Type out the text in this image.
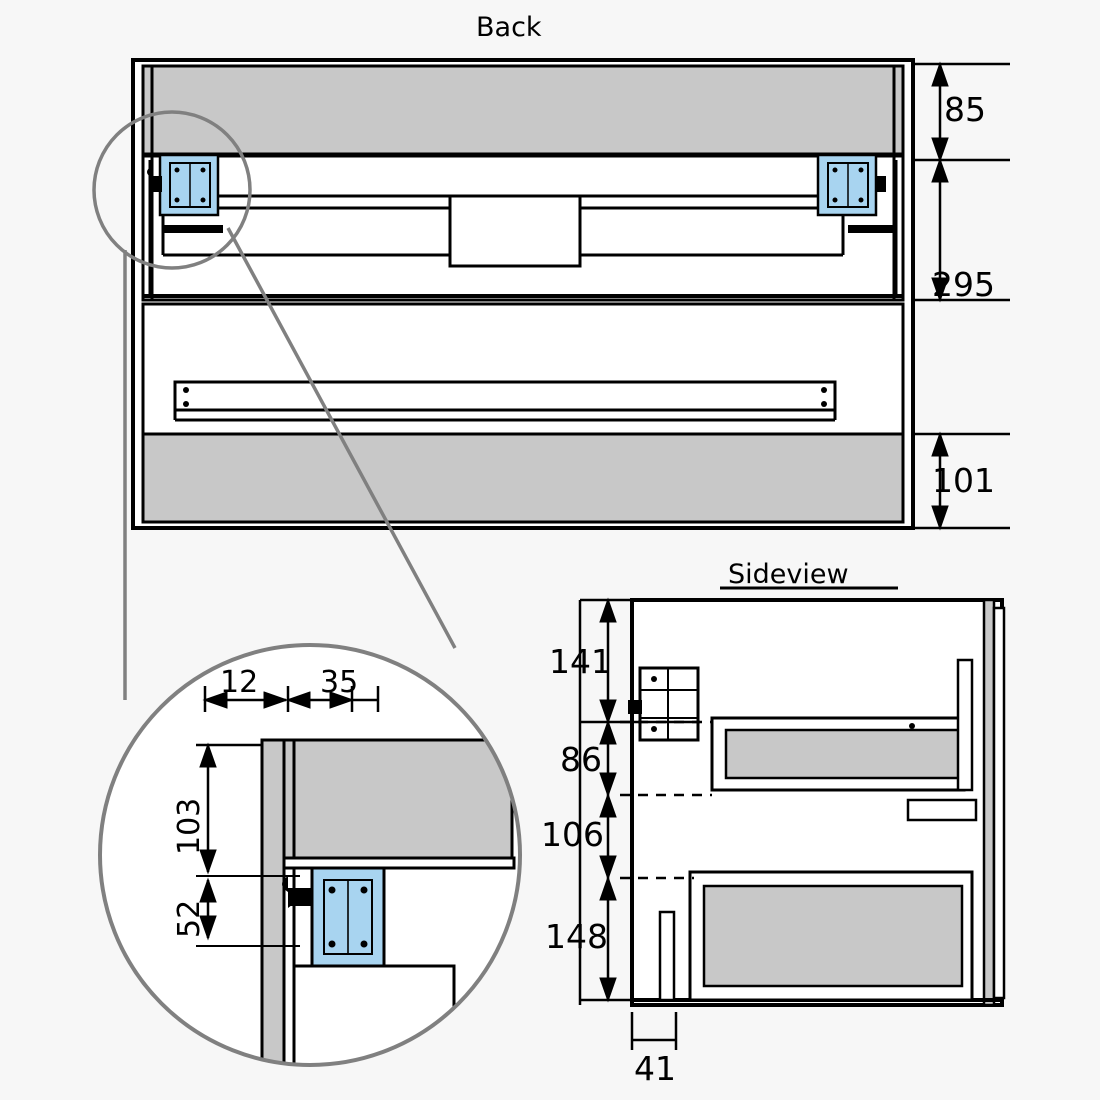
Back
Sideview
85
295
101
12 35
103
52
141
86
106
148
41
